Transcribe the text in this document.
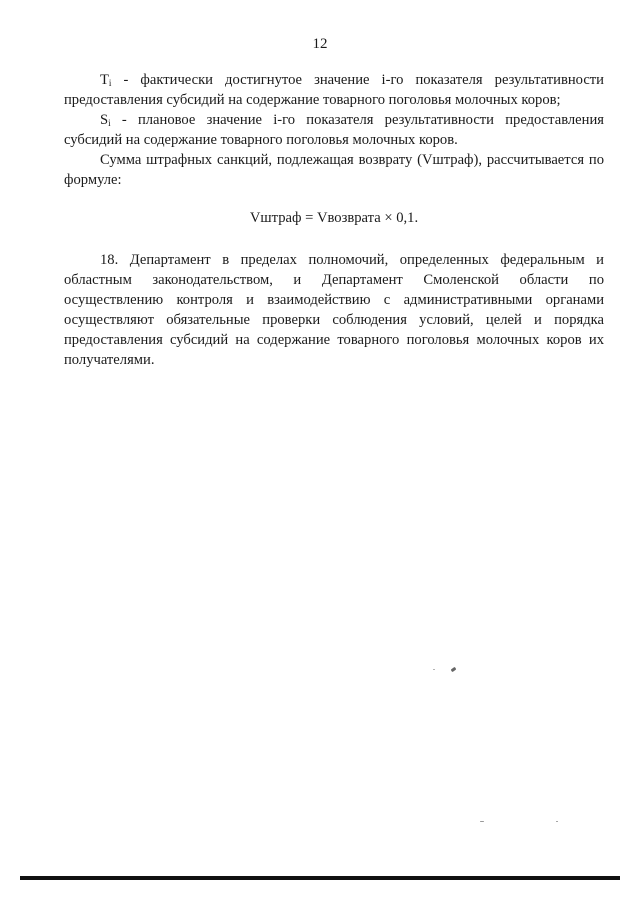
12

$T_i$ - фактически достигнутое значение i-го показателя результативности предоставления субсидий на содержание товарного поголовья молочных коров;

$S_i$ - плановое значение i-го показателя результативности предоставления субсидий на содержание товарного поголовья молочных коров.

Сумма штрафных санкций, подлежащая возврату (Vштраф), рассчитывается по формуле:

Vштраф = Vвозврата × 0,1.

18. Департамент в пределах полномочий, определенных федеральным и областным законодательством, и Департамент Смоленской области по осуществлению контроля и взаимодействию с административными органами осуществляют обязательные проверки соблюдения условий, целей и порядка предоставления субсидий на содержание товарного поголовья молочных коров их получателями.
